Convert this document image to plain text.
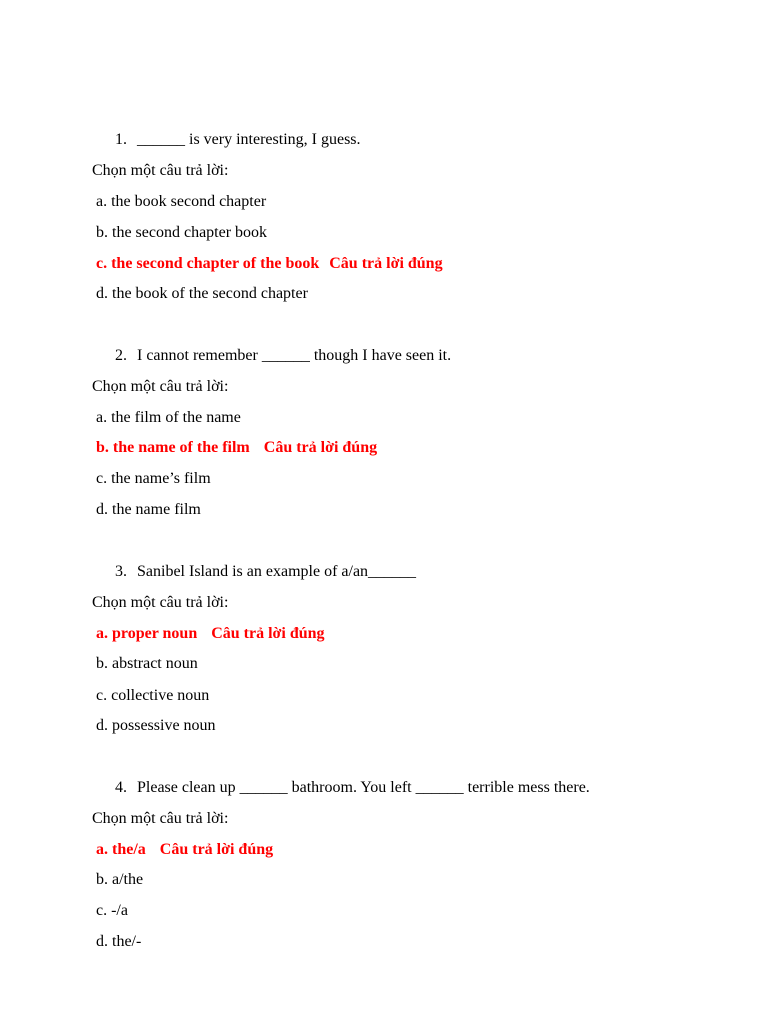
1. ______ is very interesting, I guess.
Chọn một câu trả lời:
a. the book second chapter
b. the second chapter book
c. the second chapter of the book Câu trả lời đúng
d. the book of the second chapter
2. I cannot remember ______ though I have seen it.
Chọn một câu trả lời:
a. the film of the name
b. the name of the film Câu trả lời đúng
c. the name’s film
d. the name film
3. Sanibel Island is an example of a/an______
Chọn một câu trả lời:
a. proper noun Câu trả lời đúng
b. abstract noun
c. collective noun
d. possessive noun
4. Please clean up ______ bathroom. You left ______ terrible mess there.
Chọn một câu trả lời:
a. the/a Câu trả lời đúng
b. a/the
c. -/a
d. the/-
